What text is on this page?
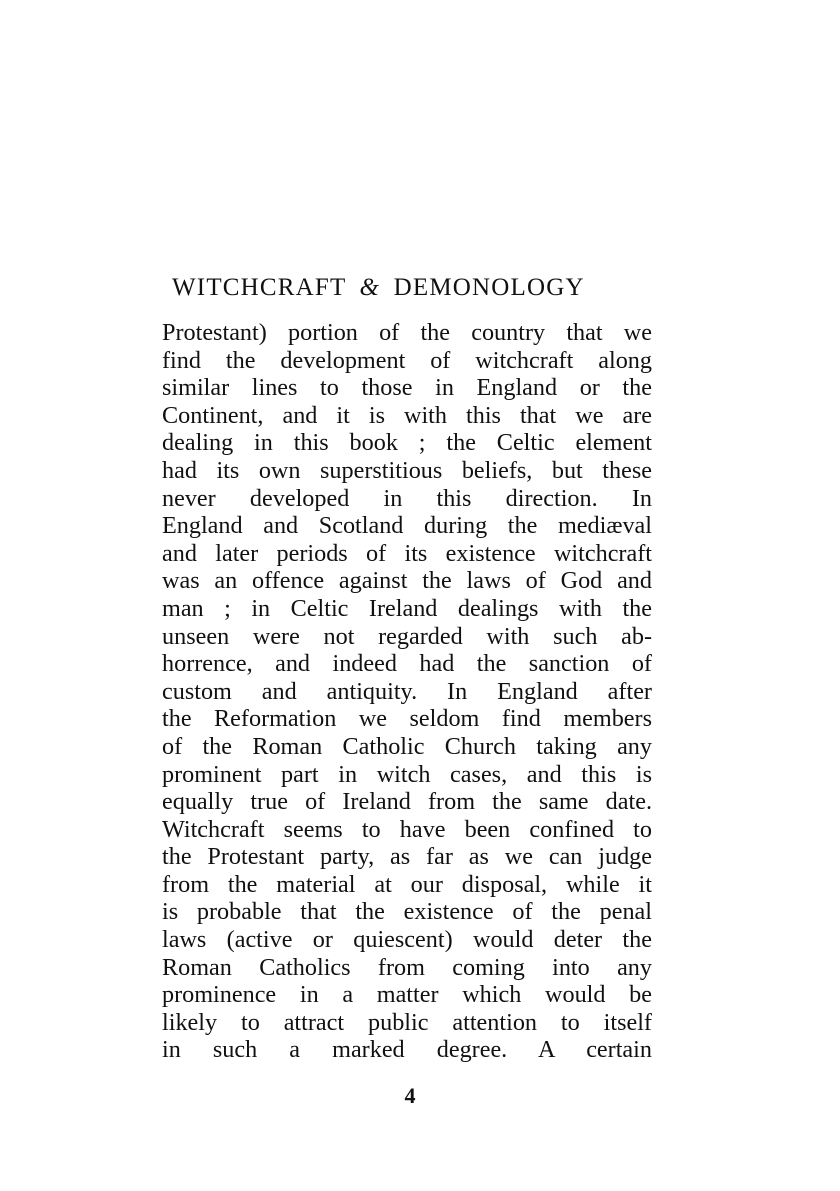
WITCHCRAFT & DEMONOLOGY
Protestant) portion of the country that we
find the development of witchcraft along
similar lines to those in England or the
Continent, and it is with this that we are
dealing in this book ; the Celtic element
had its own superstitious beliefs, but these
never developed in this direction. In
England and Scotland during the mediæval
and later periods of its existence witchcraft
was an offence against the laws of God and
man ; in Celtic Ireland dealings with the
unseen were not regarded with such ab-
horrence, and indeed had the sanction of
custom and antiquity. In England after
the Reformation we seldom find members
of the Roman Catholic Church taking any
prominent part in witch cases, and this is
equally true of Ireland from the same date.
Witchcraft seems to have been confined to
the Protestant party, as far as we can judge
from the material at our disposal, while it
is probable that the existence of the penal
laws (active or quiescent) would deter the
Roman Catholics from coming into any
prominence in a matter which would be
likely to attract public attention to itself
in such a marked degree. A certain
4
